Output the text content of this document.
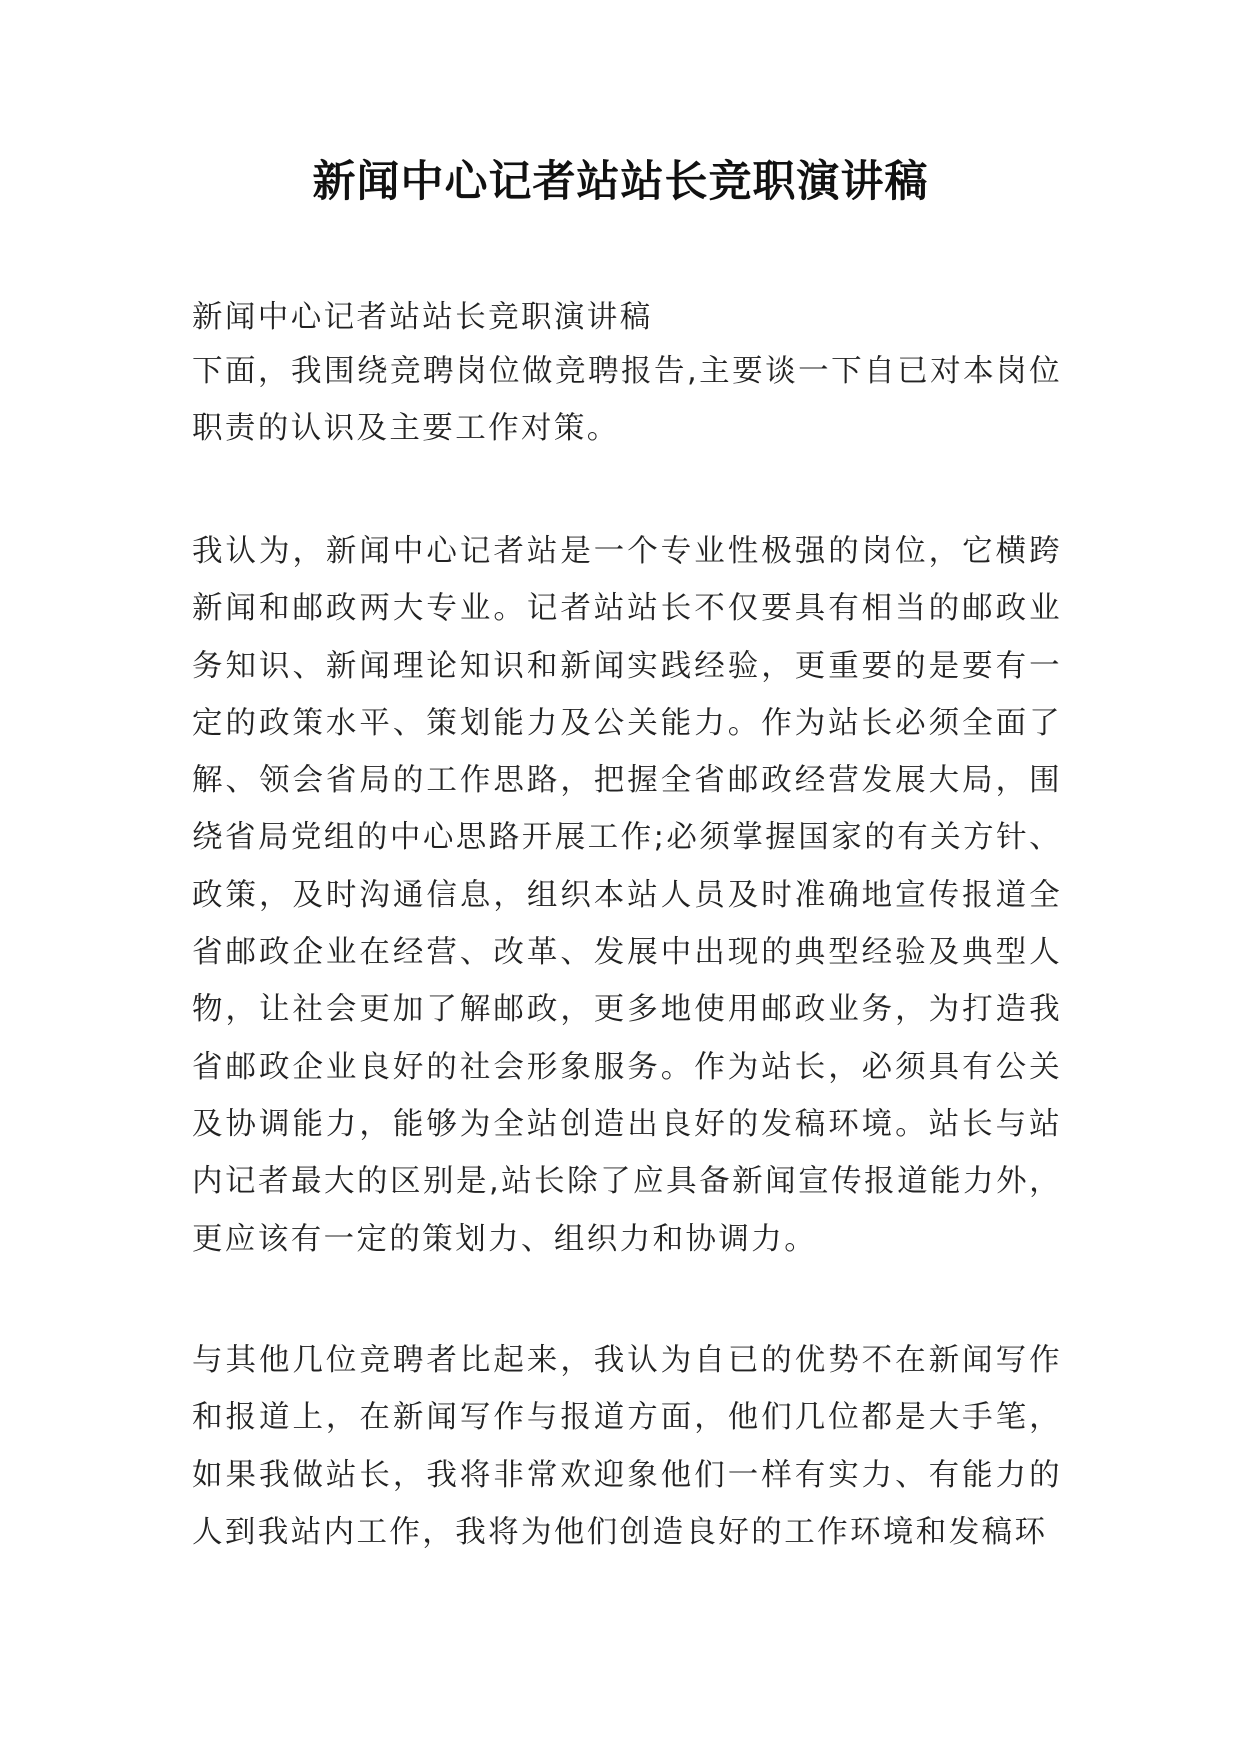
新闻中心记者站站长竞职演讲稿

新闻中心记者站站长竞职演讲稿

下面，我围绕竞聘岗位做竞聘报告,主要谈一下自已对本岗位职责的认识及主要工作对策。

我认为，新闻中心记者站是一个专业性极强的岗位，它横跨新闻和邮政两大专业。记者站站长不仅要具有相当的邮政业务知识、新闻理论知识和新闻实践经验，更重要的是要有一定的政策水平、策划能力及公关能力。作为站长必须全面了解、领会省局的工作思路，把握全省邮政经营发展大局，围绕省局党组的中心思路开展工作;必须掌握国家的有关方针、政策，及时沟通信息，组织本站人员及时准确地宣传报道全省邮政企业在经营、改革、发展中出现的典型经验及典型人物，让社会更加了解邮政，更多地使用邮政业务，为打造我省邮政企业良好的社会形象服务。作为站长，必须具有公关及协调能力，能够为全站创造出良好的发稿环境。站长与站内记者最大的区别是,站长除了应具备新闻宣传报道能力外，更应该有一定的策划力、组织力和协调力。

与其他几位竞聘者比起来，我认为自已的优势不在新闻写作和报道上，在新闻写作与报道方面，他们几位都是大手笔，如果我做站长，我将非常欢迎象他们一样有实力、有能力的人到我站内工作，我将为他们创造良好的工作环境和发稿环
